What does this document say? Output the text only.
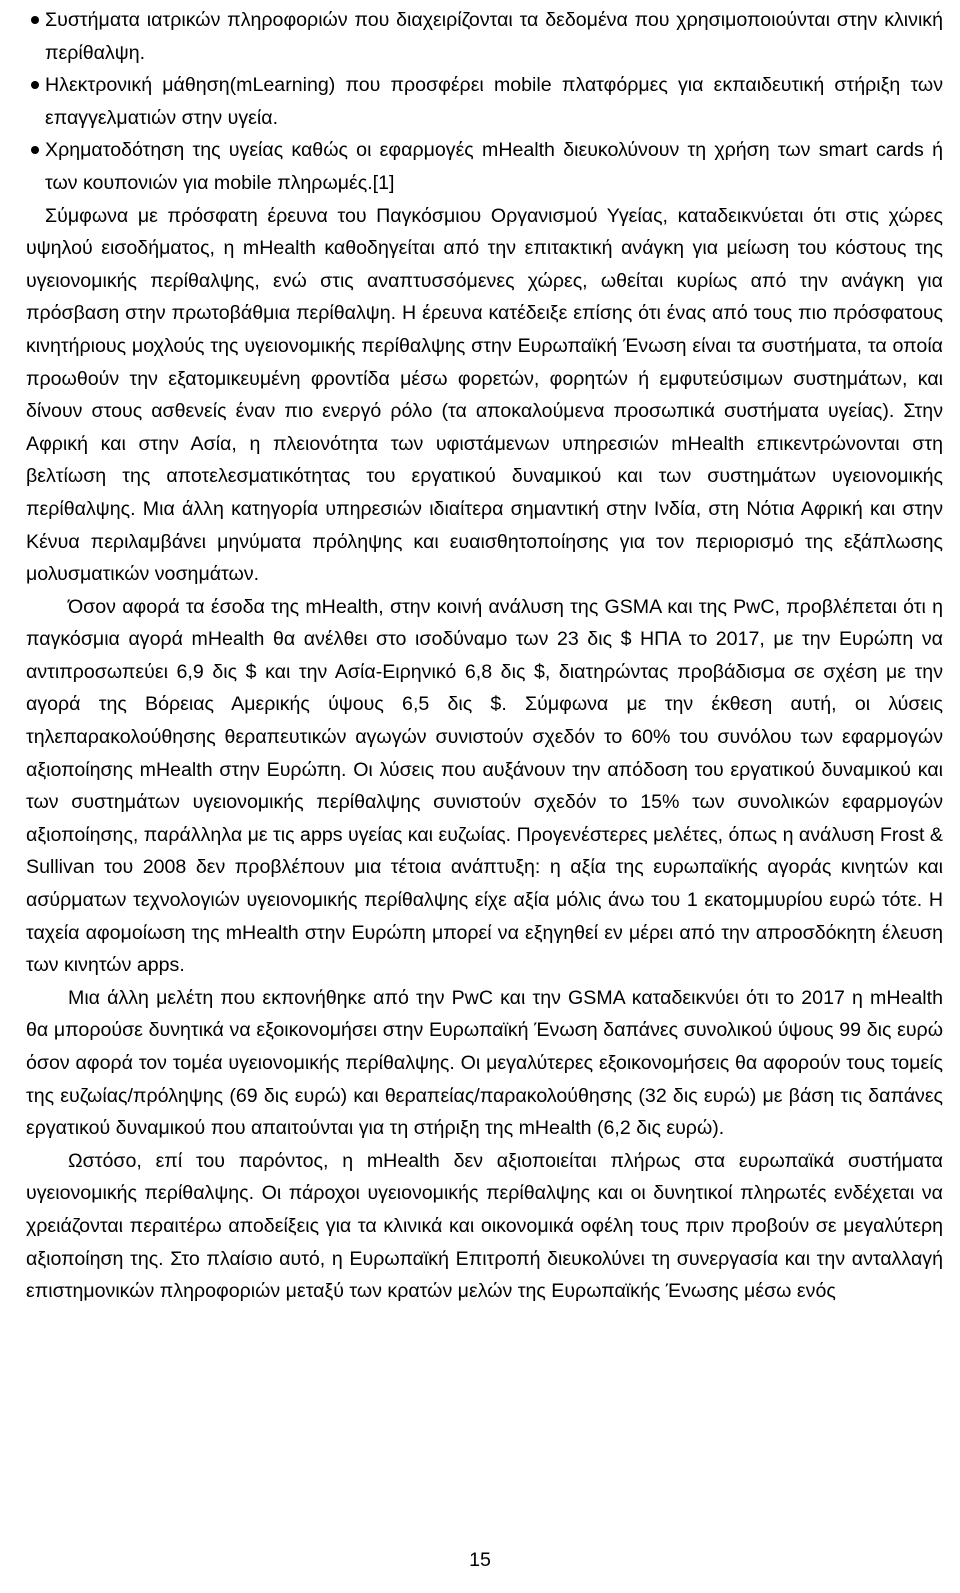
Συστήματα ιατρικών πληροφοριών που διαχειρίζονται τα δεδομένα που χρησιμοποιούνται στην κλινική περίθαλψη.
Ηλεκτρονική μάθηση(mLearning) που προσφέρει mobile πλατφόρμες για εκπαιδευτική στήριξη των επαγγελματιών στην υγεία.
Χρηματοδότηση της υγείας καθώς οι εφαρμογές mHealth διευκολύνουν τη χρήση των smart cards ή των κουπονιών για mobile πληρωμές.[1]

Σύμφωνα με πρόσφατη έρευνα του Παγκόσμιου Οργανισμού Υγείας, καταδεικνύεται ότι στις χώρες υψηλού εισοδήματος, η mHealth καθοδηγείται από την επιτακτική ανάγκη για μείωση του κόστους της υγειονομικής περίθαλψης, ενώ στις αναπτυσσόμενες χώρες, ωθείται κυρίως από την ανάγκη για πρόσβαση στην πρωτοβάθμια περίθαλψη. Η έρευνα κατέδειξε επίσης ότι ένας από τους πιο πρόσφατους κινητήριους μοχλούς της υγειονομικής περίθαλψης στην Ευρωπαϊκή Ένωση είναι τα συστήματα, τα οποία προωθούν την εξατομικευμένη φροντίδα μέσω φορετών, φορητών ή εμφυτεύσιμων συστημάτων, και δίνουν στους ασθενείς έναν πιο ενεργό ρόλο (τα αποκαλούμενα προσωπικά συστήματα υγείας). Στην Αφρική και στην Ασία, η πλειονότητα των υφιστάμενων υπηρεσιών mHealth επικεντρώνονται στη βελτίωση της αποτελεσματικότητας του εργατικού δυναμικού και των συστημάτων υγειονομικής περίθαλψης. Μια άλλη κατηγορία υπηρεσιών ιδιαίτερα σημαντική στην Ινδία, στη Νότια Αφρική και στην Κένυα περιλαμβάνει μηνύματα πρόληψης και ευαισθητοποίησης για τον περιορισμό της εξάπλωσης μολυσματικών νοσημάτων.

Όσον αφορά τα έσοδα της mHealth, στην κοινή ανάλυση της GSMA και της PwC, προβλέπεται ότι η παγκόσμια αγορά mHealth θα ανέλθει στο ισοδύναμο των 23 δις $ ΗΠΑ το 2017, με την Ευρώπη να αντιπροσωπεύει 6,9 δις $ και την Ασία-Ειρηνικό 6,8 δις $, διατηρώντας προβάδισμα σε σχέση με την αγορά της Βόρειας Αμερικής ύψους 6,5 δις $. Σύμφωνα με την έκθεση αυτή, οι λύσεις τηλεπαρακολούθησης θεραπευτικών αγωγών συνιστούν σχεδόν το 60% του συνόλου των εφαρμογών αξιοποίησης mHealth στην Ευρώπη. Οι λύσεις που αυξάνουν την απόδοση του εργατικού δυναμικού και των συστημάτων υγειονομικής περίθαλψης συνιστούν σχεδόν το 15% των συνολικών εφαρμογών αξιοποίησης, παράλληλα με τις apps υγείας και ευζωίας. Προγενέστερες μελέτες, όπως η ανάλυση Frost & Sullivan του 2008 δεν προβλέπουν μια τέτοια ανάπτυξη: η αξία της ευρωπαϊκής αγοράς κινητών και ασύρματων τεχνολογιών υγειονομικής περίθαλψης είχε αξία μόλις άνω του 1 εκατομμυρίου ευρώ τότε. Η ταχεία αφομοίωση της mHealth στην Ευρώπη μπορεί να εξηγηθεί εν μέρει από την απροσδόκητη έλευση των κινητών apps.

Μια άλλη μελέτη που εκπονήθηκε από την PwC και την GSMA καταδεικνύει ότι το 2017 η mHealth θα μπορούσε δυνητικά να εξοικονομήσει στην Ευρωπαϊκή Ένωση δαπάνες συνολικού ύψους 99 δις ευρώ όσον αφορά τον τομέα υγειονομικής περίθαλψης. Οι μεγαλύτερες εξοικονομήσεις θα αφορούν τους τομείς της ευζωίας/πρόληψης (69 δις ευρώ) και θεραπείας/παρακολούθησης (32 δις ευρώ) με βάση τις δαπάνες εργατικού δυναμικού που απαιτούνται για τη στήριξη της mHealth (6,2 δις ευρώ).

Ωστόσο, επί του παρόντος, η mHealth δεν αξιοποιείται πλήρως στα ευρωπαϊκά συστήματα υγειονομικής περίθαλψης. Οι πάροχοι υγειονομικής περίθαλψης και οι δυνητικοί πληρωτές ενδέχεται να χρειάζονται περαιτέρω αποδείξεις για τα κλινικά και οικονομικά οφέλη τους πριν προβούν σε μεγαλύτερη αξιοποίηση της. Στο πλαίσιο αυτό, η Ευρωπαϊκή Επιτροπή διευκολύνει τη συνεργασία και την ανταλλαγή επιστημονικών πληροφοριών μεταξύ των κρατών μελών της Ευρωπαϊκής Ένωσης μέσω ενός

15
